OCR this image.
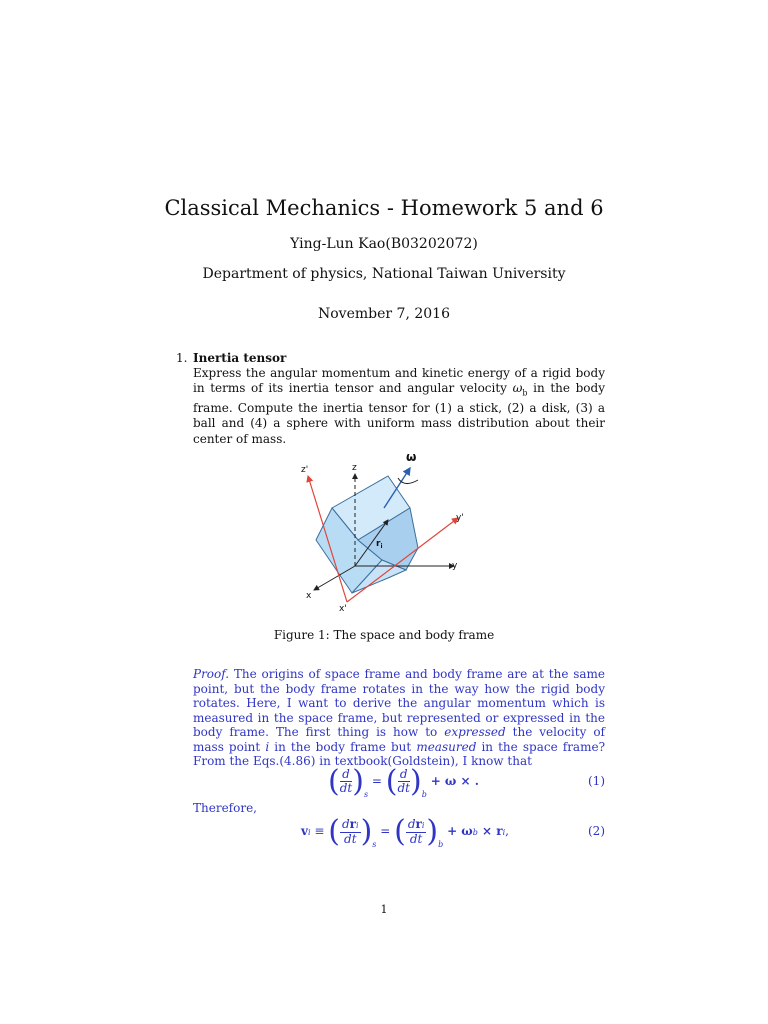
Classical Mechanics - Homework 5 and 6
Ying-Lun Kao(B03202072)
Department of physics, National Taiwan University
November 7, 2016
1. Inertia tensor
Express the angular momentum and kinetic energy of a rigid body in terms of its inertia tensor and angular velocity $\omega_b$ in the body frame. Compute the inertia tensor for (1) a stick, (2) a disk, (3) a ball and (4) a sphere with uniform mass distribution about their center of mass.
ω
z'	z
y'
y
x
x'
$r_i$
Figure 1: The space and body frame
Proof. The origins of space frame and body frame are at the same point, but the body frame rotates in the way how the rigid body rotates. Here, I want to derive the angular momentum which is measured in the space frame, but represented or expressed in the body frame. The first thing is how to expressed the velocity of mass point i in the body frame but measured in the space frame? From the Eqs.(4.86) in textbook(Goldstein), I know that
( $\frac{d}{dt} )_s$ = ( $\frac{d}{dt} )_b + \omega$ × .	(1)
Therefore,
vi ≡ ( $\frac{\text{dri}}{dt} )_s$ = ( $\frac{\text{dri}}{dt} )_b + \omega b$ × ri,	(2)
1
